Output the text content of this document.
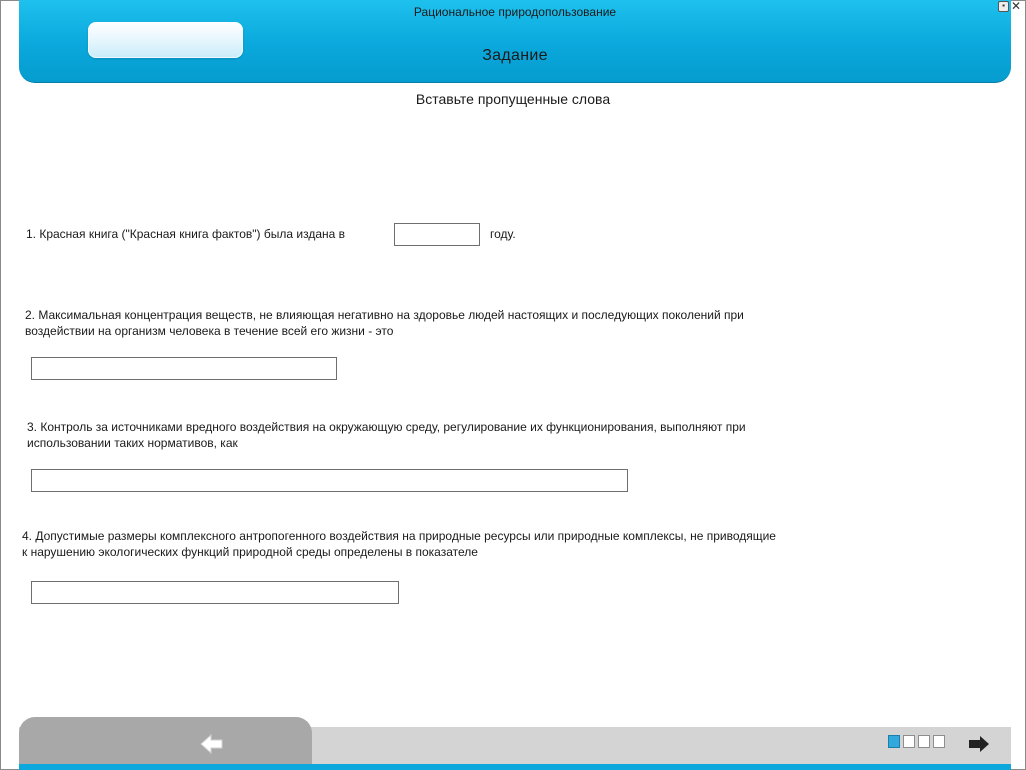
Рациональное природопользование
Задание
▪ ✕
Вставьте пропущенные слова
1. Красная книга ("Красная книга фактов") была издана в	году.
2. Максимальная концентрация веществ, не влияющая негативно на здоровье людей настоящих и последующих поколений при
воздействии на организм человека в течение всей его жизни - это
3. Контроль за источниками вредного воздействия на окружающую среду, регулирование их функционирования, выполняют при
использовании таких нормативов, как
4. Допустимые размеры комплексного антропогенного воздействия на природные ресурсы или природные комплексы, не приводящие
к нарушению экологических функций природной среды определены в показателе
